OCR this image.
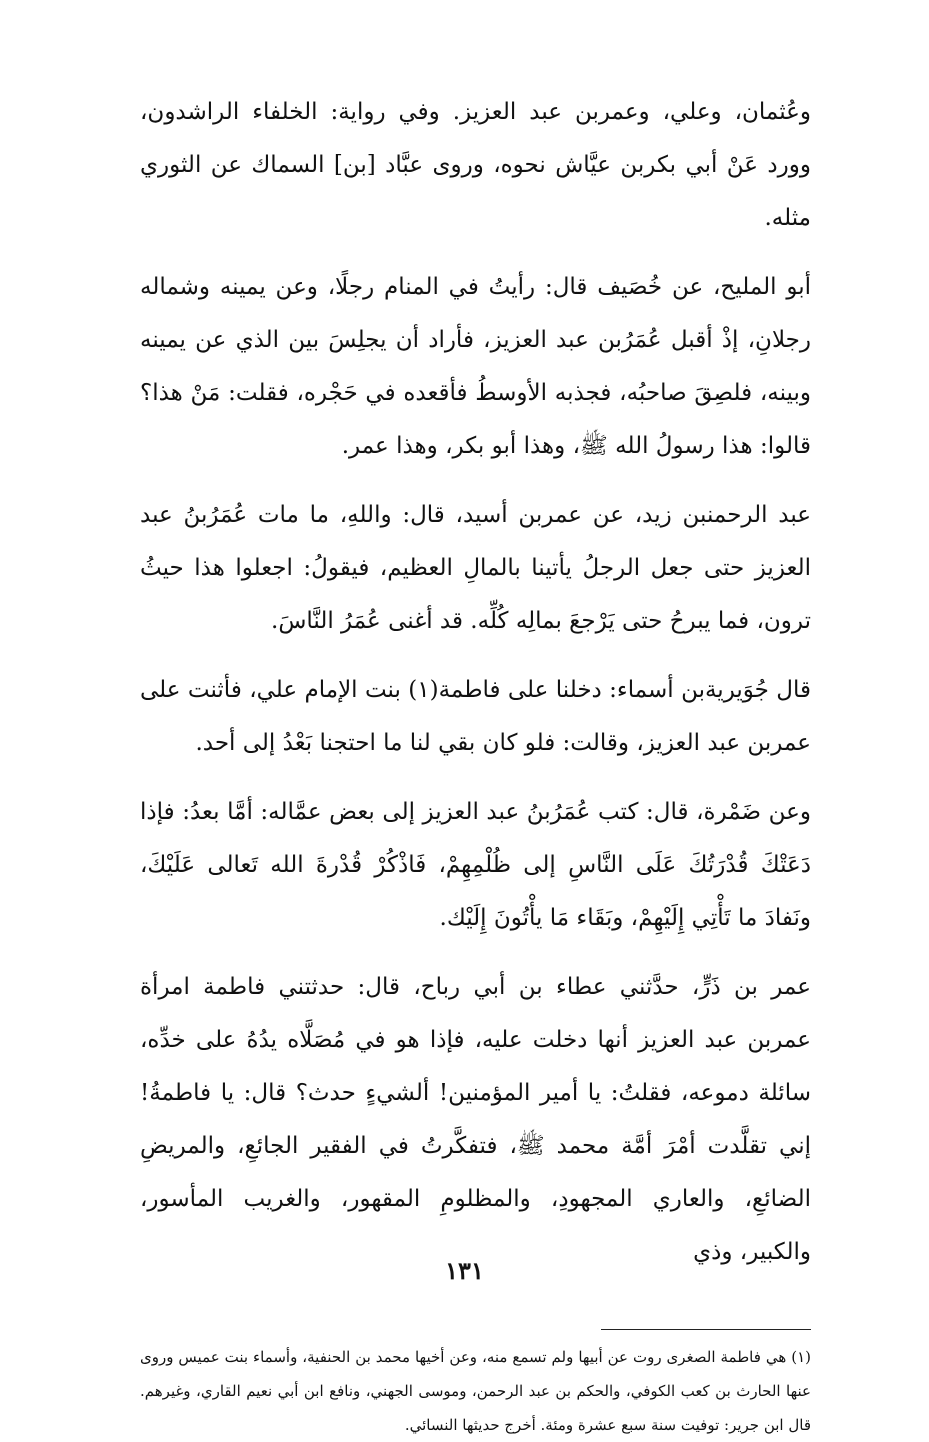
وعُثمان، وعلي، وعمربن عبد العزيز. وفي رواية: الخلفاء الراشدون، وورد عَنْ أبي بكربن عيَّاش نحوه، وروى عبَّاد [بن] السماك عن الثوري مثله.

أبو المليح، عن خُصَيف قال: رأيتُ في المنام رجلًا، وعن يمينه وشماله رجلانِ، إذْ أقبل عُمَرُبن عبد العزيز، فأراد أن يجلِسَ بين الذي عن يمينه وبينه، فلصِقَ صاحبُه، فجذبه الأوسطُ فأقعده في حَجْره، فقلت: مَنْ هذا؟ قالوا: هذا رسولُ الله ﷺ، وهذا أبو بكر، وهذا عمر.

عبد الرحمنبن زيد، عن عمربن أسيد، قال: واللهِ، ما مات عُمَرُبنُ عبد العزيز حتى جعل الرجلُ يأتينا بالمالِ العظيم، فيقولُ: اجعلوا هذا حيثُ ترون، فما يبرحُ حتى يَرْجعَ بمالِه كُلِّه. قد أغنى عُمَرُ النَّاسَ.

قال جُوَيريةبن أسماء: دخلنا على فاطمة(١) بنت الإمام علي، فأثنت على عمربن عبد العزيز، وقالت: فلو كان بقي لنا ما احتجنا بَعْدُ إلى أحد.

وعن ضَمْرة، قال: كتب عُمَرُبنُ عبد العزيز إلى بعض عمَّاله: أمَّا بعدُ: فإذا دَعَتْكَ قُدْرَتُكَ عَلَى النَّاسِ إلى ظُلْمِهِمْ، فَاذْكُرْ قُدْرةَ الله تَعالى عَلَيْكَ، ونَفادَ ما تَأْتِي إِلَيْهِمْ، وبَقَاء مَا يأْتُونَ إِلَيْك.

عمر بن ذَرٍّ، حدَّثني عطاء بن أبي رباح، قال: حدثتني فاطمة امرأة عمربن عبد العزيز أنها دخلت عليه، فإذا هو في مُصَلَّاه يدُهُ على خدِّه، سائلة دموعه، فقلتُ: يا أمير المؤمنين! ألشيءٍ حدث؟ قال: يا فاطمةُ! إني تقلَّدت أمْرَ أمَّة محمد ﷺ، فتفكَّرتُ في الفقير الجائعِ، والمريضِ الضائعِ، والعاري المجهودِ، والمظلومِ المقهور، والغريب المأسور، والكبير، وذي

(١) هي فاطمة الصغرى روت عن أبيها ولم تسمع منه، وعن أخيها محمد بن الحنفية، وأسماء بنت عميس وروى عنها الحارث بن كعب الكوفي، والحكم بن عبد الرحمن، وموسى الجهني، ونافع ابن أبي نعيم القاري، وغيرهم. قال ابن جرير: توفيت سنة سبع عشرة ومئة. أخرج حديثها النسائي.

١٣١
